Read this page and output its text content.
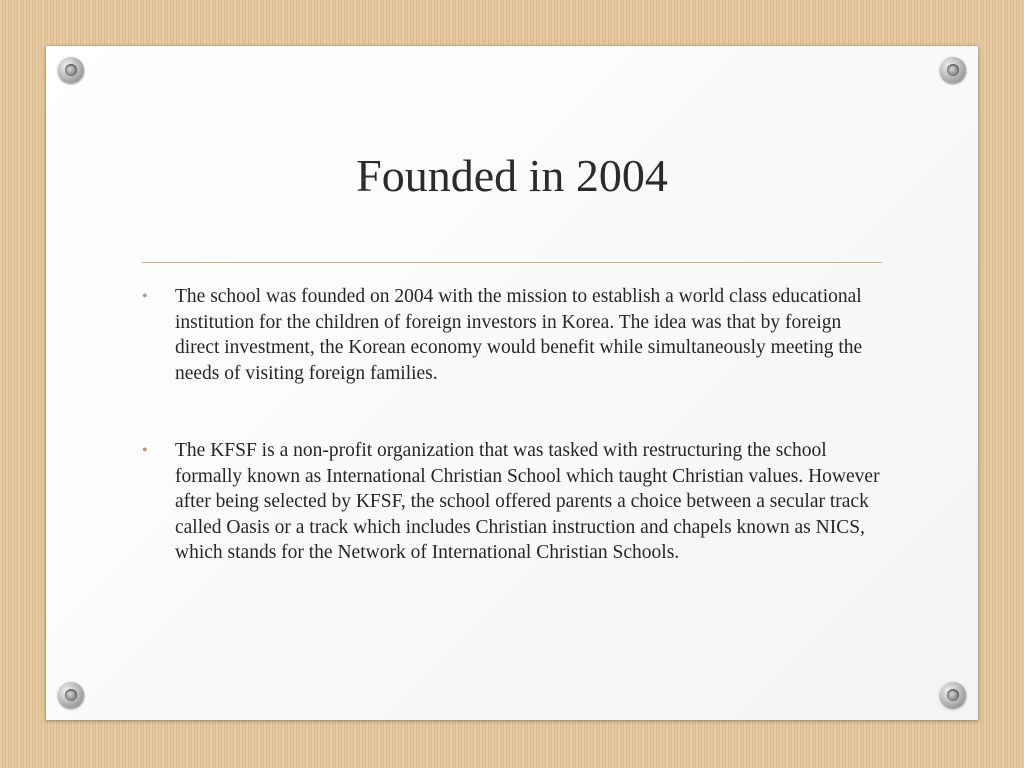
Founded in 2004
• The school was founded on 2004 with the mission to establish a world class educational institution for the children of foreign investors in Korea. The idea was that by foreign direct investment, the Korean economy would benefit while simultaneously meeting the needs of visiting foreign families.
• The KFSF is a non-profit organization that was tasked with restructuring the school formally known as International Christian School which taught Christian values. However after being selected by KFSF, the school offered parents a choice between a secular track called Oasis or a track which includes Christian instruction and chapels known as NICS, which stands for the Network of International Christian Schools.
